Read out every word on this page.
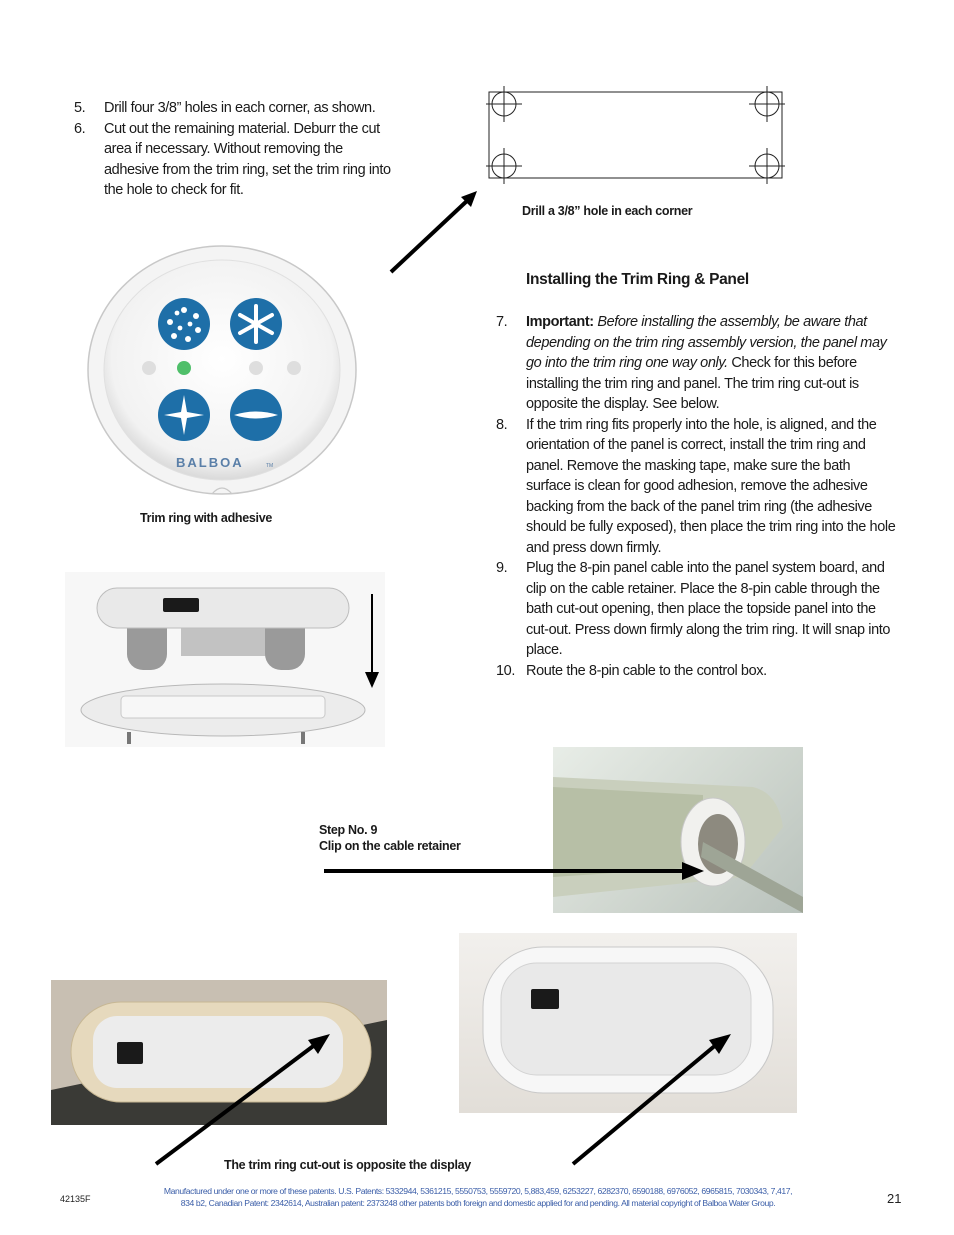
5.	Drill four 3/8” holes in each corner, as shown.
6.	Cut out the remaining material. Deburr the cut area if necessary. Without removing the adhesive from the trim ring, set the trim ring into the hole to check for fit.
Drill a 3/8” hole in each corner
BALBOA	TM
Trim ring with adhesive
Installing the Trim Ring & Panel
7. Important: Before installing the assembly, be aware that depending on the trim ring assembly version, the panel may go into the trim ring one way only. Check for this before installing the trim ring and panel. The trim ring cut-out is opposite the display. See below.
8. If the trim ring fits properly into the hole, is aligned, and the orientation of the panel is correct, install the trim ring and panel. Remove the masking tape, make sure the bath surface is clean for good adhesion, remove the adhesive backing from the back of the panel trim ring (the adhesive should be fully exposed), then place the trim ring into the hole and press down firmly.
9. Plug the 8-pin panel cable into the panel system board, and clip on the cable retainer. Place the 8-pin cable through the bath cut-out opening, then place the topside panel into the cut-out. Press down firmly along the trim ring. It will snap into place.
10. Route the 8-pin cable to the control box.
Step No. 9
Clip on the cable retainer
The trim ring cut-out is opposite the display
42135F
Manufactured under one or more of these patents. U.S. Patents: 5332944, 5361215, 5550753, 5559720, 5,883,459, 6253227, 6282370, 6590188, 6976052, 6965815, 7030343, 7,417,
834 b2, Canadian Patent: 2342614, Australian patent: 2373248 other patents both foreign and domestic applied for and pending. All material copyright of Balboa Water Group.	21
